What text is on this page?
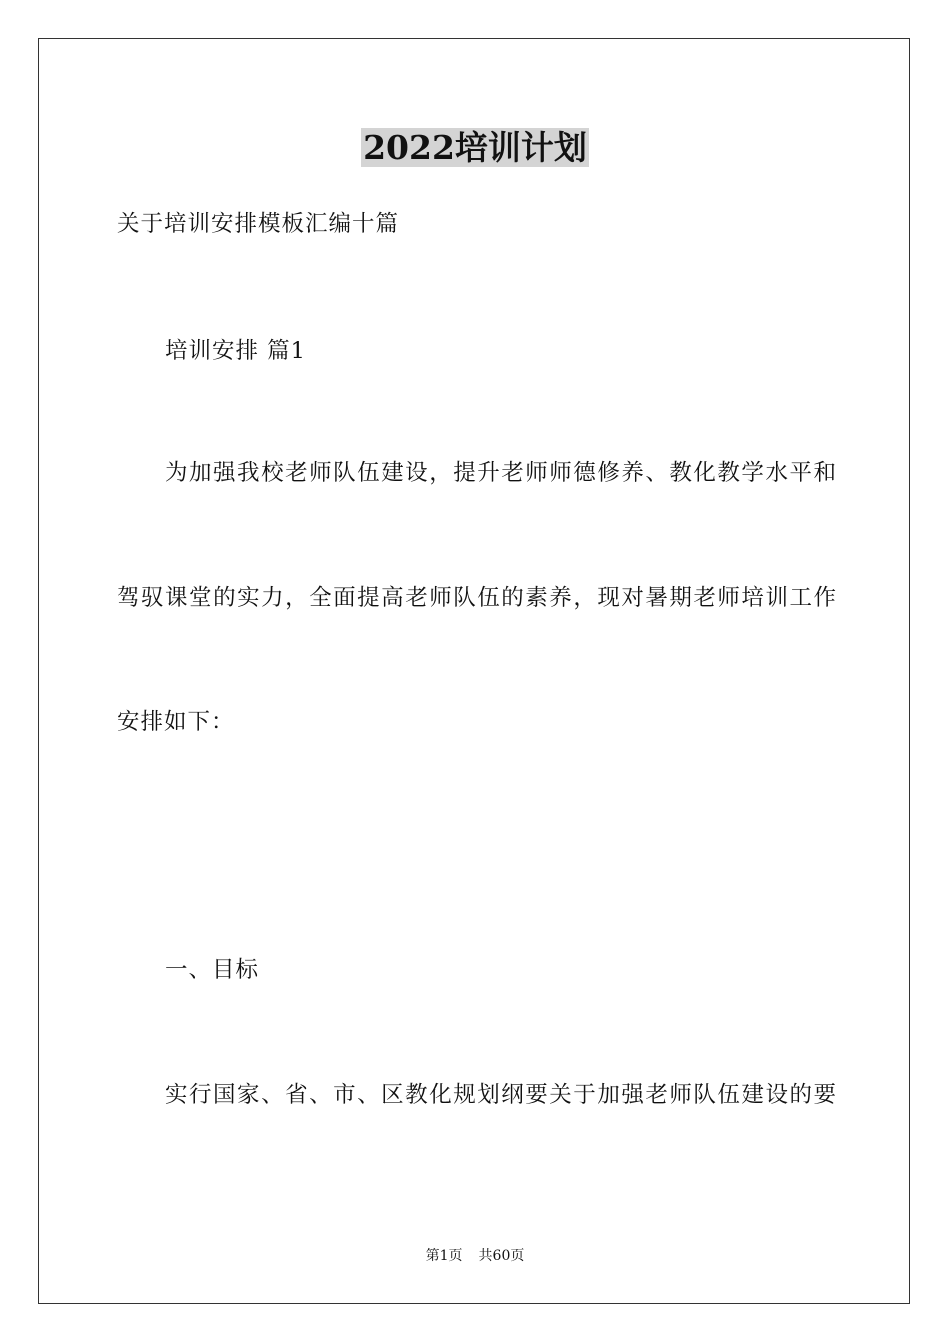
2022培训计划
关于培训安排模板汇编十篇
培训安排 篇1
为加强我校老师队伍建设，提升老师师德修养、教化教学水平和
驾驭课堂的实力，全面提高老师队伍的素养，现对暑期老师培训工作
安排如下：
一、目标
实行国家、省、市、区教化规划纲要关于加强老师队伍建设的要
第1页 共60页
